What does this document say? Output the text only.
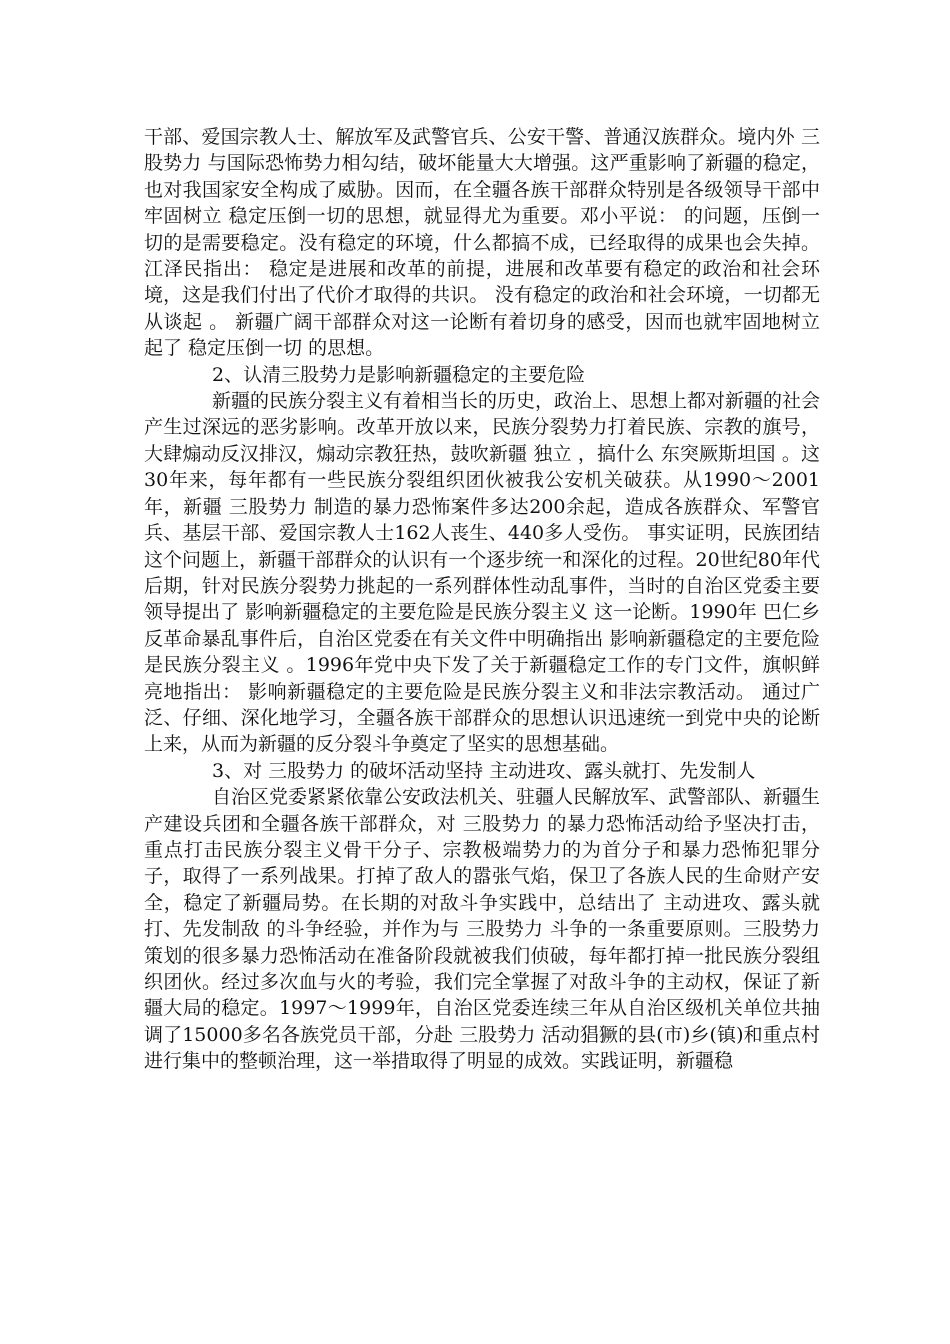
干部、爱国宗教人士、解放军及武警官兵、公安干警、普通汉族群众。境内外 三股势力 与国际恐怖势力相勾结，破坏能量大大增强。这严重影响了新疆的稳定，也对我国家安全构成了威胁。因而，在全疆各族干部群众特别是各级领导干部中牢固树立 稳定压倒一切的思想，就显得尤为重要。邓小平说： 的问题，压倒一切的是需要稳定。没有稳定的环境，什么都搞不成，已经取得的成果也会失掉。 江泽民指出： 稳定是进展和改革的前提，进展和改革要有稳定的政治和社会环境，这是我们付出了代价才取得的共识。 没有稳定的政治和社会环境，一切都无从谈起 。 新疆广阔干部群众对这一论断有着切身的感受，因而也就牢固地树立起了 稳定压倒一切 的思想。

2、认清三股势力是影响新疆稳定的主要危险

新疆的民族分裂主义有着相当长的历史，政治上、思想上都对新疆的社会产生过深远的恶劣影响。改革开放以来，民族分裂势力打着民族、宗教的旗号，大肆煽动反汉排汉，煽动宗教狂热，鼓吹新疆 独立 ，搞什么 东突厥斯坦国 。这30年来，每年都有一些民族分裂组织团伙被我公安机关破获。从1990～2001年，新疆 三股势力 制造的暴力恐怖案件多达200余起，造成各族群众、军警官兵、基层干部、爱国宗教人士162人丧生、440多人受伤。 事实证明，民族团结这个问题上，新疆干部群众的认识有一个逐步统一和深化的过程。20世纪80年代后期，针对民族分裂势力挑起的一系列群体性动乱事件，当时的自治区党委主要领导提出了 影响新疆稳定的主要危险是民族分裂主义 这一论断。1990年 巴仁乡反革命暴乱事件后，自治区党委在有关文件中明确指出 影响新疆稳定的主要危险是民族分裂主义 。1996年党中央下发了关于新疆稳定工作的专门文件，旗帜鲜亮地指出： 影响新疆稳定的主要危险是民族分裂主义和非法宗教活动。 通过广泛、仔细、深化地学习，全疆各族干部群众的思想认识迅速统一到党中央的论断上来，从而为新疆的反分裂斗争奠定了坚实的思想基础。

3、对 三股势力 的破坏活动坚持 主动进攻、露头就打、先发制人

自治区党委紧紧依靠公安政法机关、驻疆人民解放军、武警部队、新疆生产建设兵团和全疆各族干部群众，对 三股势力 的暴力恐怖活动给予坚决打击，重点打击民族分裂主义骨干分子、宗教极端势力的为首分子和暴力恐怖犯罪分子，取得了一系列战果。打掉了敌人的嚣张气焰，保卫了各族人民的生命财产安全，稳定了新疆局势。在长期的对敌斗争实践中，总结出了 主动进攻、露头就打、先发制敌 的斗争经验，并作为与 三股势力 斗争的一条重要原则。三股势力 策划的很多暴力恐怖活动在准备阶段就被我们侦破，每年都打掉一批民族分裂组织团伙。经过多次血与火的考验，我们完全掌握了对敌斗争的主动权，保证了新疆大局的稳定。1997～1999年，自治区党委连续三年从自治区级机关单位共抽调了15000多名各族党员干部，分赴 三股势力 活动猖獗的县(市)乡(镇)和重点村进行集中的整顿治理，这一举措取得了明显的成效。实践证明，新疆稳
